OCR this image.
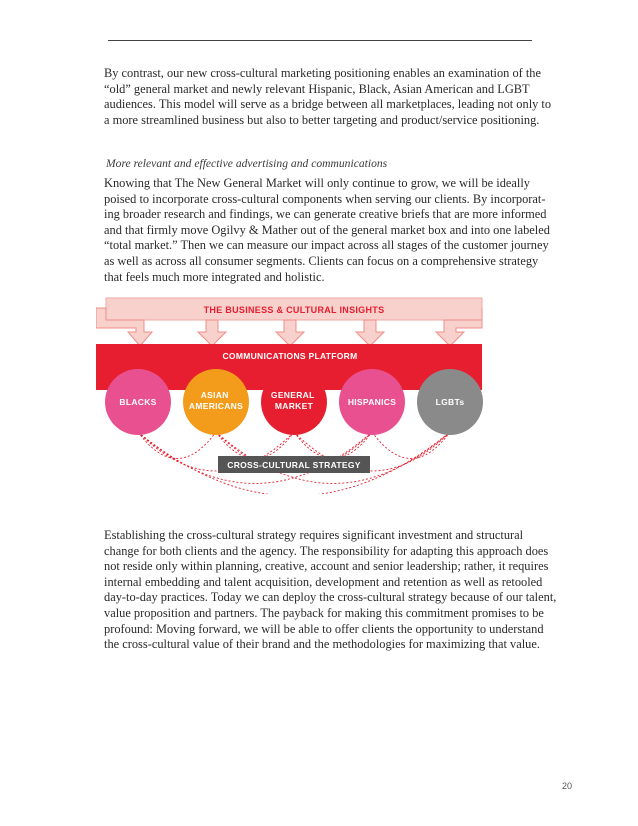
By contrast, our new cross-cultural marketing positioning enables an examination of the
“old” general market and newly relevant Hispanic, Black, Asian American and LGBT
audiences. This model will serve as a bridge between all marketplaces, leading not only to
a more streamlined business but also to better targeting and product/service positioning.

More relevant and effective advertising and communications

Knowing that The New General Market will only continue to grow, we will be ideally
poised to incorporate cross-cultural components when serving our clients. By incorporat-
ing broader research and findings, we can generate creative briefs that are more informed
and that firmly move Ogilvy & Mather out of the general market box and into one labeled
“total market.” Then we can measure our impact across all stages of the customer journey
as well as across all consumer segments. Clients can focus on a comprehensive strategy
that feels much more integrated and holistic.

THE BUSINESS & CULTURAL INSIGHTS
COMMUNICATIONS PLATFORM
BLACKS
ASIAN AMERICANS
GENERAL MARKET	HISPANICS	LGBTs
CROSS-CULTURAL STRATEGY

Establishing the cross-cultural strategy requires significant investment and structural
change for both clients and the agency. The responsibility for adapting this approach does
not reside only within planning, creative, account and senior leadership; rather, it requires
internal embedding and talent acquisition, development and retention as well as retooled
day-to-day practices. Today we can deploy the cross-cultural strategy because of our talent,
value proposition and partners. The payback for making this commitment promises to be
profound: Moving forward, we will be able to offer clients the opportunity to understand
the cross-cultural value of their brand and the methodologies for maximizing that value.

20
